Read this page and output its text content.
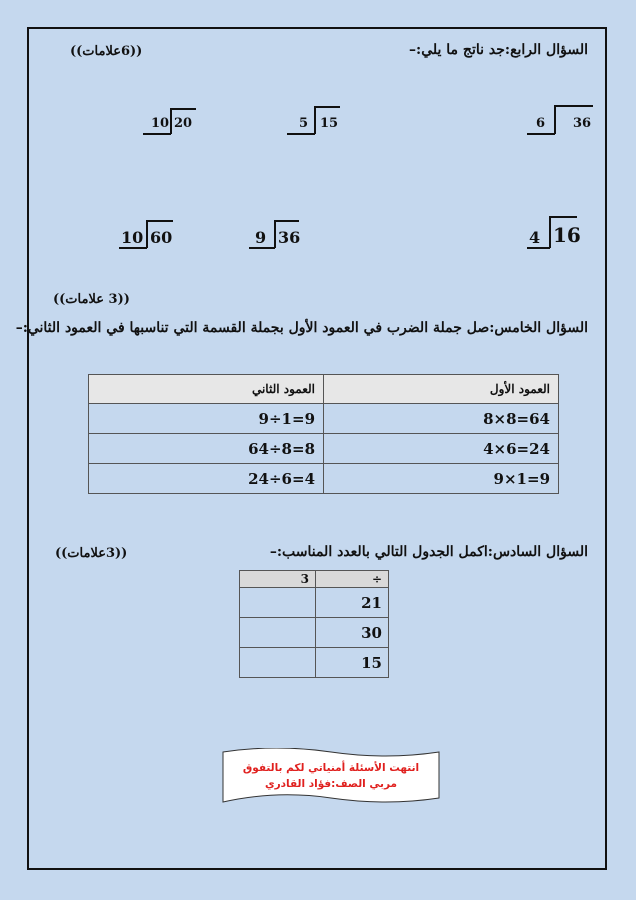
السؤال الرابع:جد ناتج ما يلي:–
((6علامات))
10 20	5 15	6 36
10 60	9 36	4 16
((3 علامات))
السؤال الخامس:صل جملة الضرب في العمود الأول بجملة القسمة التي تناسبها في العمود الثاني:–
العمود الأول	العمود الثاني
64=8×8	9=1÷9
24=6×4	8=8÷64
9=1×9	4=6÷24
السؤال السادس:اكمل الجدول التالي بالعدد المناسب:–
((3علامات))
÷	3
21	
30	
15	
انتهت الأسئلة أمنياتي لكم بالتفوق
مربي الصف:فؤاد القادري
